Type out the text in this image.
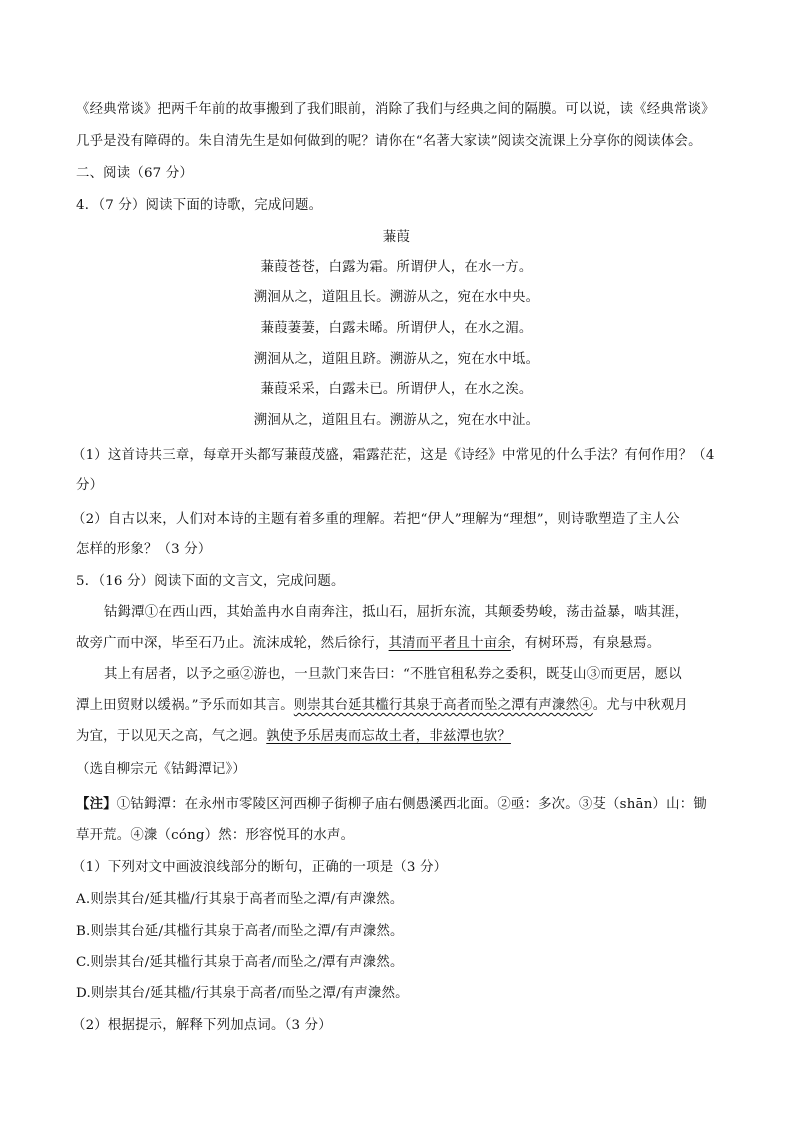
《经典常谈》把两千年前的故事搬到了我们眼前，消除了我们与经典之间的隔膜。可以说，读《经典常谈》
几乎是没有障碍的。朱自清先生是如何做到的呢？请你在“名著大家读”阅读交流课上分享你的阅读体会。
二、阅读（67 分）
4．（7 分）阅读下面的诗歌，完成问题。
蒹葭
蒹葭苍苍，白露为霜。所谓伊人，在水一方。
溯洄从之，道阻且长。溯游从之，宛在水中央。
蒹葭萋萋，白露未晞。所谓伊人，在水之湄。
溯洄从之，道阻且跻。溯游从之，宛在水中坻。
蒹葭采采，白露未已。所谓伊人，在水之涘。
溯洄从之，道阻且右。溯游从之，宛在水中沚。
（1）这首诗共三章，每章开头都写蒹葭茂盛，霜露茫茫，这是《诗经》中常见的什么手法？有何作用？（4
分）
（2）自古以来，人们对本诗的主题有着多重的理解。若把“伊人”理解为“理想”，则诗歌塑造了主人公
怎样的形象？（3 分）
5．（16 分）阅读下面的文言文，完成问题。
钴鉧潭①在西山西，其始盖冉水自南奔注，抵山石，屈折东流，其颠委势峻，荡击益暴，啮其涯，
故旁广而中深，毕至石乃止。流沫成轮，然后徐行，其清而平者且十亩余，有树环焉，有泉悬焉。
其上有居者，以予之亟②游也，一旦款门来告曰：“不胜官租私券之委积，既芟山③而更居，愿以
潭上田贸财以缓祸。”予乐而如其言。则崇其台延其槛行其泉于高者而坠之潭有声潨然④。尤与中秋观月
为宜，于以见天之高，气之迥。孰使予乐居夷而忘故土者，非兹潭也欤？
（选自柳宗元《钴鉧潭记》）
【注】①钴鉧潭：在永州市零陵区河西柳子街柳子庙右侧愚溪西北面。②亟：多次。③芟（shān）山：锄
草开荒。④潨（cóng）然：形容悦耳的水声。
（1）下列对文中画波浪线部分的断句，正确的一项是（3 分）
A.则崇其台/延其槛/行其泉于高者而坠之潭/有声潨然。
B.则崇其台延/其槛行其泉于高者/而坠之潭/有声潨然。
C.则崇其台/延其槛行其泉于高者/而坠之/潭有声潨然。
D.则崇其台/延其槛/行其泉于高者/而坠之潭/有声潨然。
（2）根据提示，解释下列加点词。（3 分）
